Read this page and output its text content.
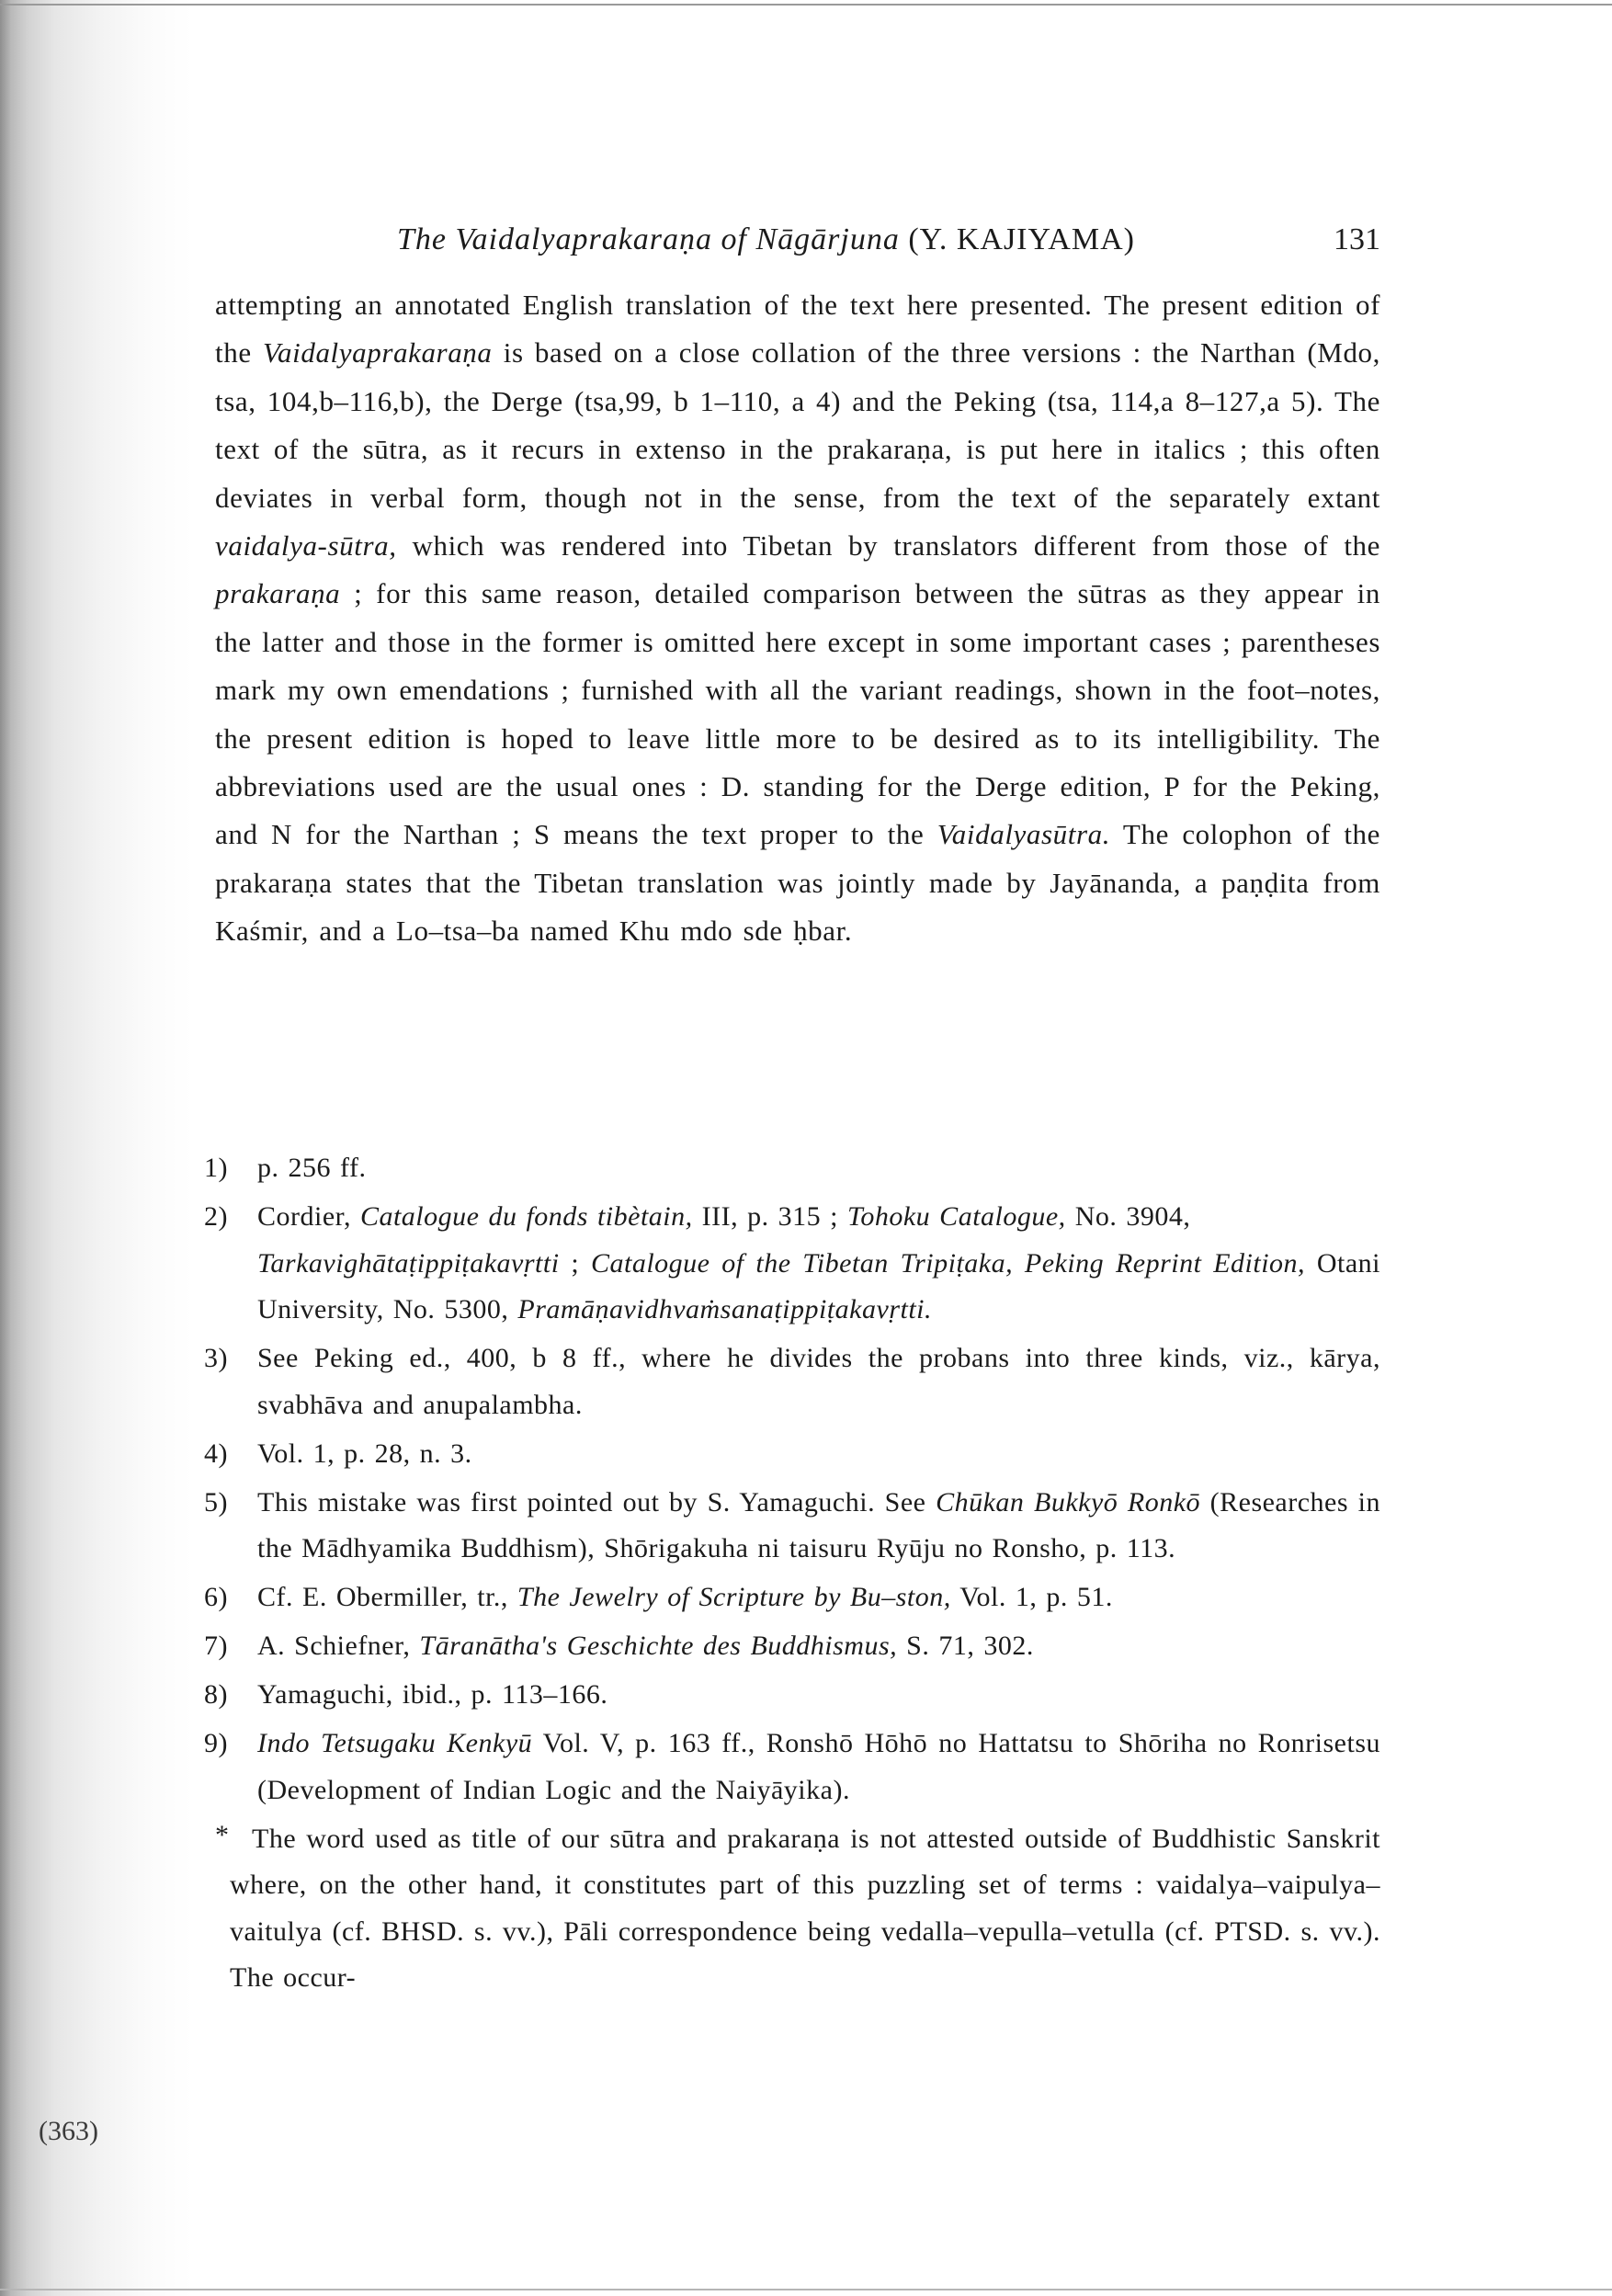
The Vaidalyaprakaraṇa of Nāgārjuna (Y. KAJIYAMA)	131

attempting an annotated English translation of the text here presented. The present edition of the Vaidalyaprakaraṇa is based on a close collation of the three versions : the Narthan (Mdo, tsa, 104,b–116,b), the Derge (tsa,99, b 1–110, a 4) and the Peking (tsa, 114,a 8–127,a 5). The text of the sūtra, as it recurs in extenso in the prakaraṇa, is put here in italics ; this often deviates in verbal form, though not in the sense, from the text of the separately extant vaidalya-sūtra, which was rendered into Tibetan by translators different from those of the prakaraṇa ; for this same reason, detailed comparison between the sūtras as they appear in the latter and those in the former is omitted here except in some important cases ; parentheses mark my own emendations ; furnished with all the variant readings, shown in the foot–notes, the present edition is hoped to leave little more to be desired as to its intelligibility. The abbreviations used are the usual ones : D. standing for the Derge edition, P for the Peking, and N for the Narthan ; S means the text proper to the Vaidalyasūtra. The colophon of the prakaraṇa states that the Tibetan translation was jointly made by Jayānanda, a paṇḍita from Kaśmir, and a Lo–tsa–ba named Khu mdo sde ḥbar.

1) p. 256 ff.
2) Cordier, Catalogue du fonds tibètain, III, p. 315 ; Tohoku Catalogue, No. 3904,
Tarkavighātaṭippiṭakavṛtti ; Catalogue of the Tibetan Tripiṭaka, Peking Reprint Edition, Otani University, No. 5300, Pramāṇavidhvaṁsanaṭippiṭakavṛtti.
3) See Peking ed., 400, b 8 ff., where he divides the probans into three kinds, viz., kārya, svabhāva and anupalambha.
4) Vol. 1, p. 28, n. 3.
5) This mistake was first pointed out by S. Yamaguchi. See Chūkan Bukkyō Ronkō (Researches in the Mādhyamika Buddhism), Shōrigakuha ni taisuru Ryūju no Ronsho, p. 113.
6) Cf. E. Obermiller, tr., The Jewelry of Scripture by Bu–ston, Vol. 1, p. 51.
7) A. Schiefner, Tāranātha's Geschichte des Buddhismus, S. 71, 302.
8) Yamaguchi, ibid., p. 113–166.
9) Indo Tetsugaku Kenkyū Vol. V, p. 163 ff., Ronshō Hōhō no Hattatsu to Shōriha no Ronrisetsu (Development of Indian Logic and the Naiyāyika).
* The word used as title of our sūtra and prakaraṇa is not attested outside of Buddhistic Sanskrit where, on the other hand, it constitutes part of this puzzling set of terms : vaidalya–vaipulya–vaitulya (cf. BHSD. s. vv.), Pāli correspondence being vedalla–vepulla–vetulla (cf. PTSD. s. vv.). The occur-
(363)
